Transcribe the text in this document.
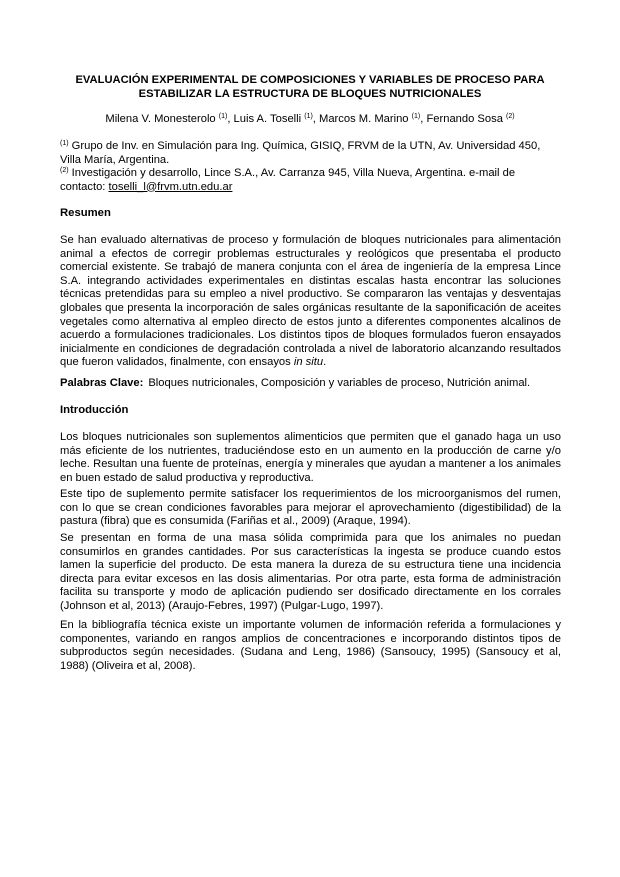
EVALUACIÓN EXPERIMENTAL DE COMPOSICIONES Y VARIABLES DE PROCESO PARA
ESTABILIZAR LA ESTRUCTURA DE BLOQUES NUTRICIONALES
Milena V. Monesterolo $^{(1)}$, Luis A. Toselli $^{(1)}$, Marcos M. Marino $^{(1)}$, Fernando Sosa $^{(2)}$

$^{(1)}$ Grupo de Inv. en Simulación para Ing. Química, GISIQ, FRVM de la UTN, Av. Universidad 450, Villa María, Argentina.

$^{(2)}$ Investigación y desarrollo, Lince S.A., Av. Carranza 945, Villa Nueva, Argentina. e-mail de contacto: toselli_l@frvm.utn.edu.ar

Resumen

Se han evaluado alternativas de proceso y formulación de bloques nutricionales para alimentación animal a efectos de corregir problemas estructurales y reológicos que presentaba el producto comercial existente. Se trabajó de manera conjunta con el área de ingeniería de la empresa Lince S.A. integrando actividades experimentales en distintas escalas hasta encontrar las soluciones técnicas pretendidas para su empleo a nivel productivo. Se compararon las ventajas y desventajas globales que presenta la incorporación de sales orgánicas resultante de la saponificación de aceites vegetales como alternativa al empleo directo de estos junto a diferentes componentes alcalinos de acuerdo a formulaciones tradicionales. Los distintos tipos de bloques formulados fueron ensayados inicialmente en condiciones de degradación controlada a nivel de laboratorio alcanzando resultados que fueron validados, finalmente, con ensayos in situ.

Palabras Clave: Bloques nutricionales, Composición y variables de proceso, Nutrición animal.
Introducción
Los bloques nutricionales son suplementos alimenticios que permiten que el ganado haga un uso más eficiente de los nutrientes, traduciéndose esto en un aumento en la producción de carne y/o leche. Resultan una fuente de proteínas, energía y minerales que ayudan a mantener a los animales en buen estado de salud productiva y reproductiva.
Este tipo de suplemento permite satisfacer los requerimientos de los microorganismos del rumen, con lo que se crean condiciones favorables para mejorar el aprovechamiento (digestibilidad) de la pastura (fibra) que es consumida (Fariñas et al., 2009) (Araque, 1994).
Se presentan en forma de una masa sólida comprimida para que los animales no puedan consumirlos en grandes cantidades. Por sus características la ingesta se produce cuando estos lamen la superficie del producto. De esta manera la dureza de su estructura tiene una incidencia directa para evitar excesos en las dosis alimentarias. Por otra parte, esta forma de administración facilita su transporte y modo de aplicación pudiendo ser dosificado directamente en los corrales (Johnson et al, 2013) (Araujo-Febres, 1997) (Pulgar-Lugo, 1997).
En la bibliografía técnica existe un importante volumen de información referida a formulaciones y componentes, variando en rangos amplios de concentraciones e incorporando distintos tipos de subproductos según necesidades. (Sudana and Leng, 1986) (Sansoucy, 1995) (Sansoucy et al, 1988) (Oliveira et al, 2008).
